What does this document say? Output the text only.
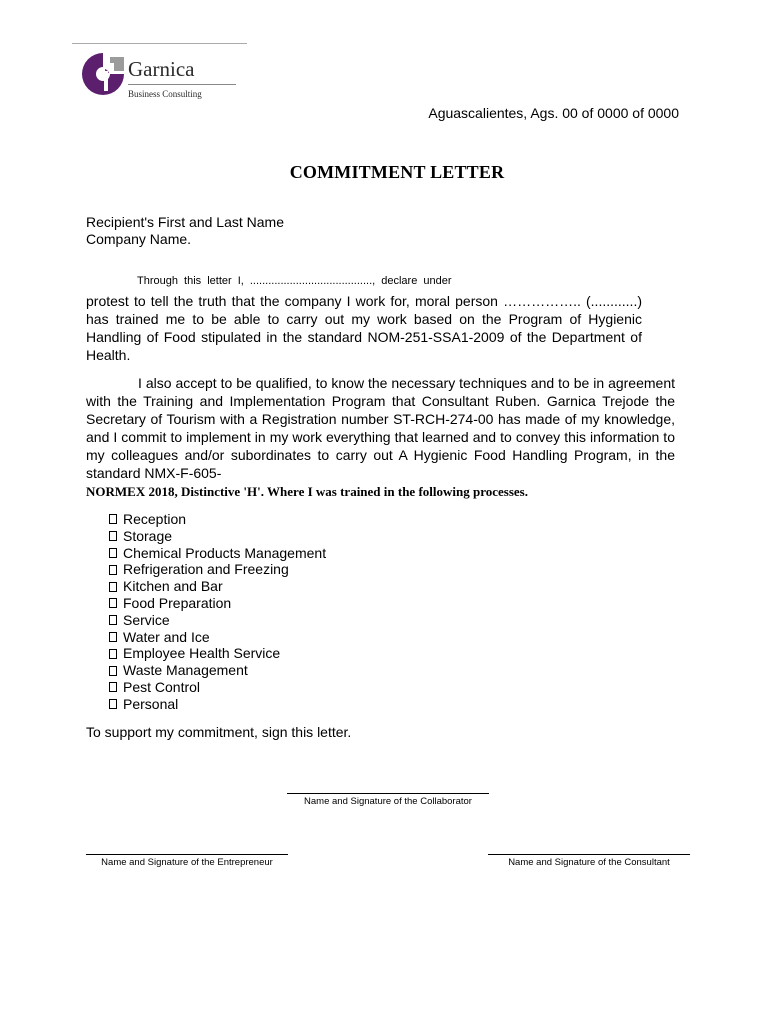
Garnica
Business Consulting
Aguascalientes, Ags. 00 of 0000 of 0000
COMMITMENT LETTER
Recipient's First and Last Name
Company Name.
Through this letter I, ........................................, declare under
protest to tell the truth that the company I work for, moral person …………….. (............) has trained me to be able to carry out my work based on the Program of Hygienic Handling of Food stipulated in the standard NOM-251-SSA1-2009 of the Department of Health.
I also accept to be qualified, to know the necessary techniques and to be in agreement with the Training and Implementation Program that Consultant Ruben. Garnica Trejode the Secretary of Tourism with a Registration number ST-RCH-274-00 has made of my knowledge, and I commit to implement in my work everything that learned and to convey this information to my colleagues and/or subordinates to carry out A Hygienic Food Handling Program, in the standard NMX-F-605-
NORMEX 2018, Distinctive 'H'. Where I was trained in the following processes.
Reception
Storage
Chemical Products Management
Refrigeration and Freezing
Kitchen and Bar
Food Preparation
Service
Water and Ice
Employee Health Service
Waste Management
Pest Control
Personal
To support my commitment, sign this letter.
Name and Signature of the Collaborator
Name and Signature of the Entrepreneur	Name and Signature of the Consultant
